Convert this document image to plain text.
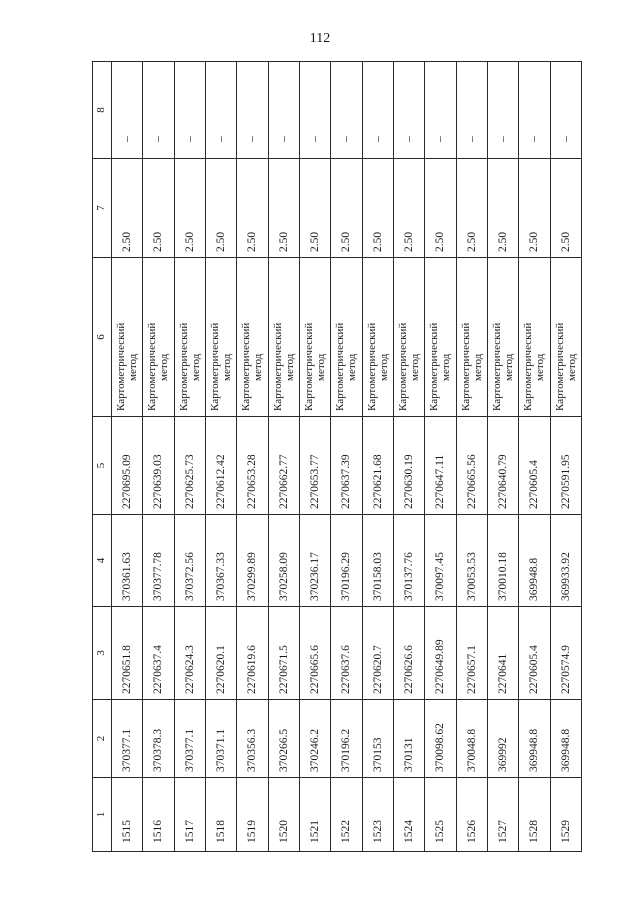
112
1	2	3	4	5	6	7	8
1515	370377.1	2270651.8	370361.63	2270695.09	Картометрический метод	2.50	–
1516	370378.3	2270637.4	370377.78	2270639.03	Картометрический метод	2.50	–
1517	370377.1	2270624.3	370372.56	2270625.73	Картометрический метод	2.50	–
1518	370371.1	2270620.1	370367.33	2270612.42	Картометрический метод	2.50	–
1519	370356.3	2270619.6	370299.89	2270653.28	Картометрический метод	2.50	–
1520	370266.5	2270671.5	370258.09	2270662.77	Картометрический метод	2.50	–
1521	370246.2	2270665.6	370236.17	2270653.77	Картометрический метод	2.50	–
1522	370196.2	2270637.6	370196.29	2270637.39	Картометрический метод	2.50	–
1523	370153	2270620.7	370158.03	2270621.68	Картометрический метод	2.50	–
1524	370131	2270626.6	370137.76	2270630.19	Картометрический метод	2.50	–
1525	370098.62	2270649.89	370097.45	2270647.11	Картометрический метод	2.50	–
1526	370048.8	2270657.1	370053.53	2270665.56	Картометрический метод	2.50	–
1527	369992	2270641	370010.18	2270640.79	Картометрический метод	2.50	–
1528	369948.8	2270605.4	369948.8	2270605.4	Картометрический метод	2.50	–
1529	369948.8	2270574.9	369933.92	2270591.95	Картометрический метод	2.50	–
· · ·
